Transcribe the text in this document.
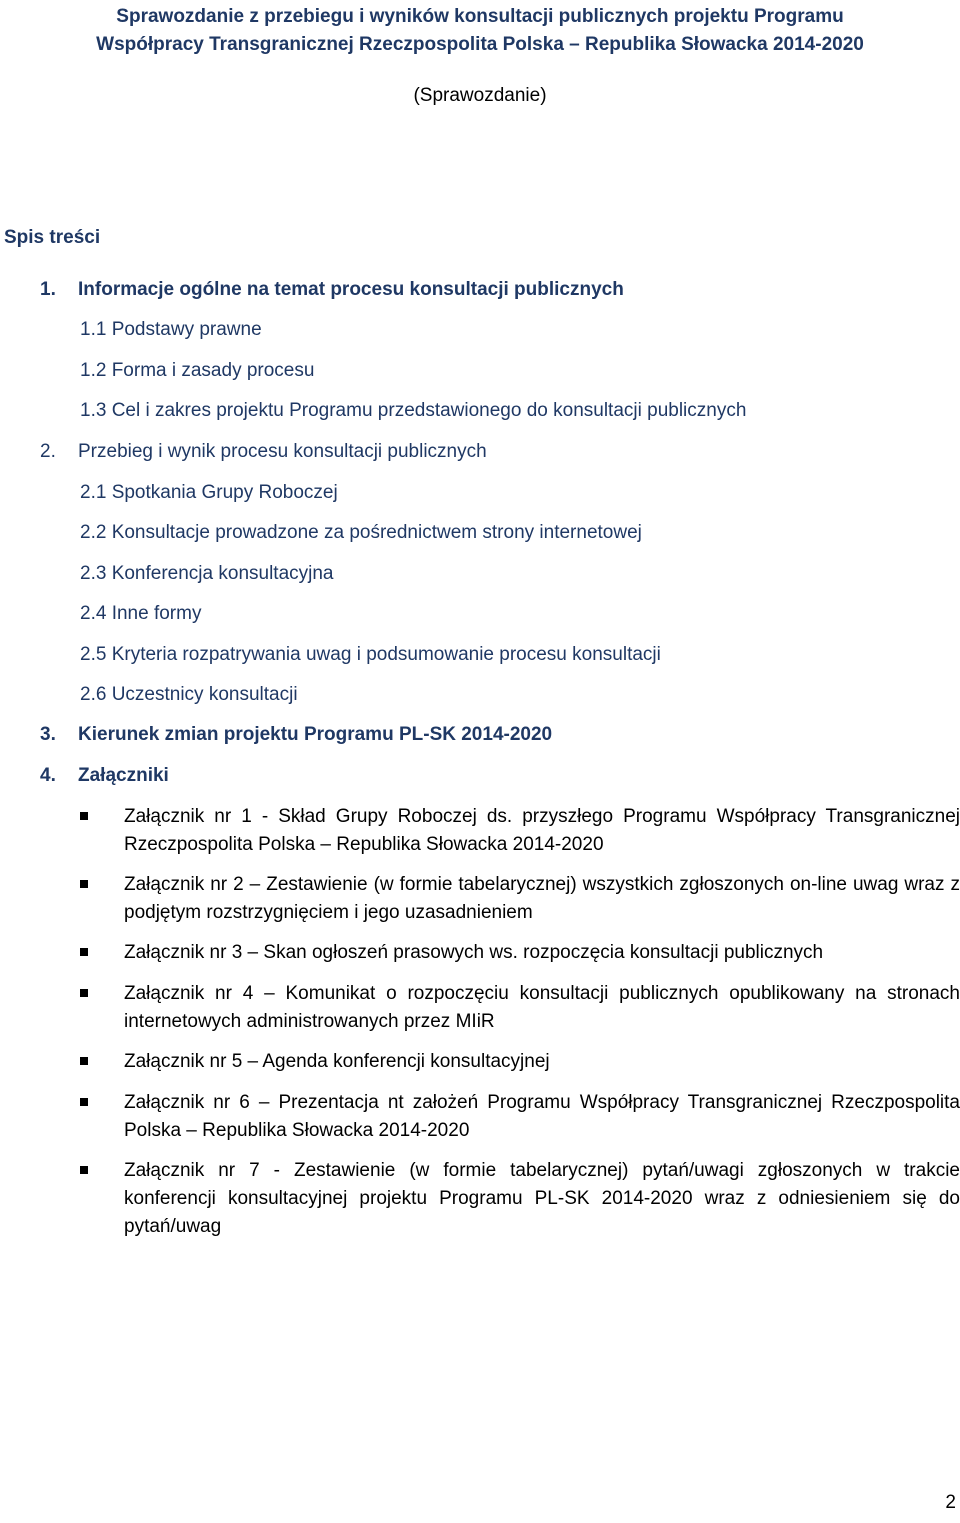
Sprawozdanie z przebiegu i wyników konsultacji publicznych projektu Programu
Współpracy Transgranicznej Rzeczpospolita Polska – Republika Słowacka 2014-2020
(Sprawozdanie)
Spis treści
1. Informacje ogólne na temat procesu konsultacji publicznych
1.1 Podstawy prawne
1.2 Forma i zasady procesu
1.3 Cel i zakres projektu Programu przedstawionego do konsultacji publicznych
2. Przebieg i wynik procesu konsultacji publicznych
2.1 Spotkania Grupy Roboczej
2.2 Konsultacje prowadzone za pośrednictwem strony internetowej
2.3 Konferencja konsultacyjna
2.4 Inne formy
2.5 Kryteria rozpatrywania uwag i podsumowanie procesu konsultacji
2.6 Uczestnicy konsultacji
3. Kierunek zmian projektu Programu PL-SK 2014-2020
4. Załączniki
Załącznik nr 1 - Skład Grupy Roboczej ds. przyszłego Programu Współpracy Transgranicznej Rzeczpospolita Polska – Republika Słowacka 2014-2020
Załącznik nr 2 – Zestawienie (w formie tabelarycznej) wszystkich zgłoszonych on-line uwag wraz z podjętym rozstrzygnięciem i jego uzasadnieniem
Załącznik nr 3 – Skan ogłoszeń prasowych ws. rozpoczęcia konsultacji publicznych
Załącznik nr 4 – Komunikat o rozpoczęciu konsultacji publicznych opublikowany na stronach internetowych administrowanych przez MIiR
Załącznik nr 5 – Agenda konferencji konsultacyjnej
Załącznik nr 6 – Prezentacja nt założeń Programu Współpracy Transgranicznej Rzeczpospolita Polska – Republika Słowacka 2014-2020
Załącznik nr 7 - Zestawienie (w formie tabelarycznej) pytań/uwagi zgłoszonych w trakcie konferencji konsultacyjnej projektu Programu PL-SK 2014-2020 wraz z odniesieniem się do pytań/uwag
2
